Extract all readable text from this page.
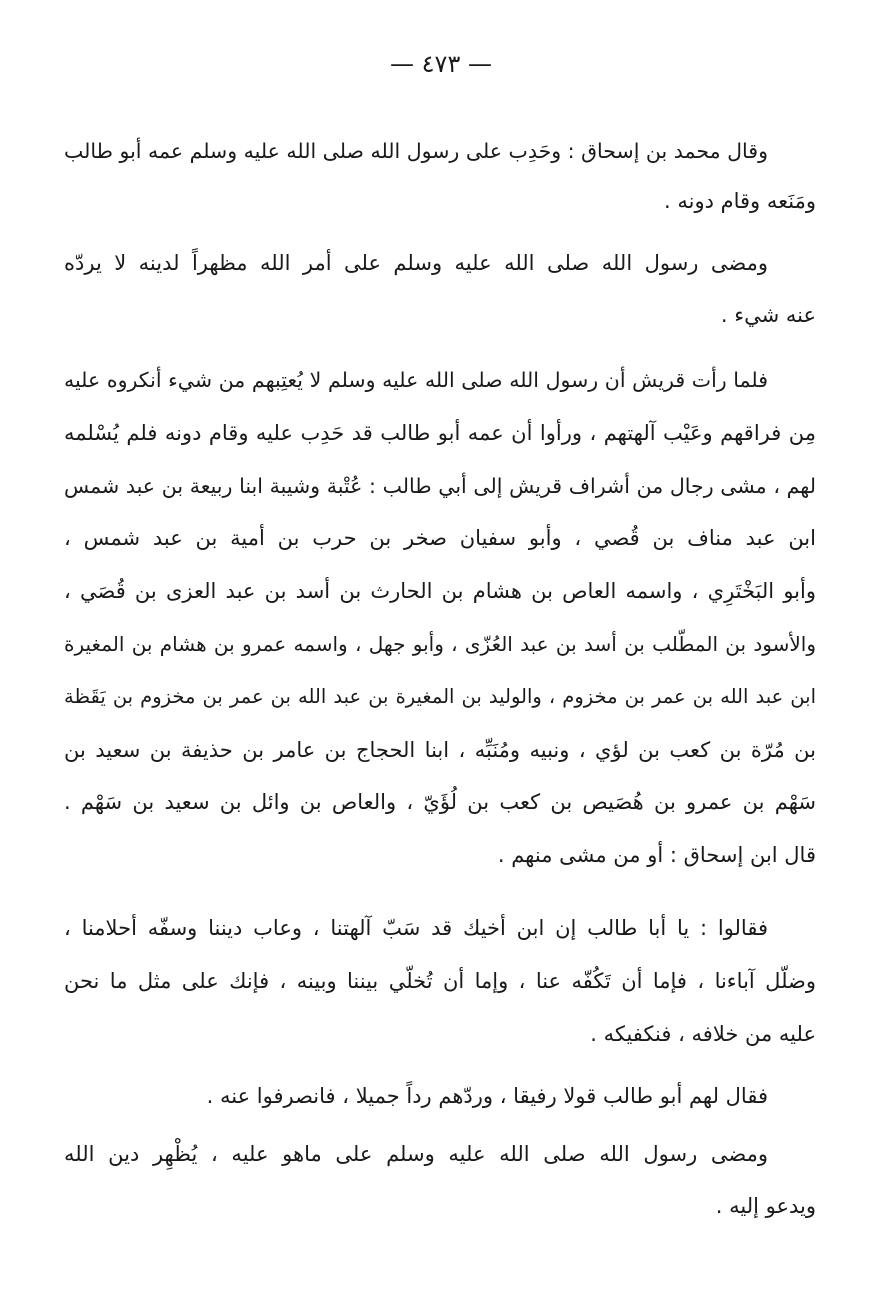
— ٤٧٣ —
وقال محمد بن إسحاق : وحَدِب على رسول الله صلى الله عليه وسلم عمه أبو طالب
ومَنَعه وقام دونه .
ومضى رسول الله صلى الله عليه وسلم على أمر الله مظهراً لدينه لا يردّه
عنه شيء .
فلما رأت قريش أن رسول الله صلى الله عليه وسلم لا يُعتِبهم من شيء أنكروه عليه
مِن فراقهم وعَيْب آلهتهم ، ورأوا أن عمه أبو طالب قد حَدِب عليه وقام دونه فلم يُسْلمه
لهم ، مشى رجال من أشراف قريش إلى أبي طالب : عُتْبة وشيبة ابنا ربيعة بن عبد شمس
ابن عبد مناف بن قُصي ، وأبو سفيان صخر بن حرب بن أمية بن عبد شمس ،
وأبو البَخْتَرِي ، واسمه العاص بن هشام بن الحارث بن أسد بن عبد العزى بن قُصَي ،
والأسود بن المطّلب بن أسد بن عبد العُزّى ، وأبو جهل ، واسمه عمرو بن هشام بن المغيرة
ابن عبد الله بن عمر بن مخزوم ، والوليد بن المغيرة بن عبد الله بن عمر بن مخزوم بن يَقَظة
بن مُرّة بن كعب بن لؤي ، ونبيه ومُنَبِّه ، ابنا الحجاج بن عامر بن حذيفة بن سعيد بن
سَهْم بن عمرو بن هُصَيص بن كعب بن لُؤَيّ ، والعاص بن وائل بن سعيد بن سَهْم .
قال ابن إسحاق : أو من مشى منهم .
فقالوا : يا أبا طالب إن ابن أخيك قد سَبّ آلهتنا ، وعاب ديننا وسفّه أحلامنا ،
وضلّل آباءنا ، فإما أن تَكُفّه عنا ، وإما أن تُخلّي بيننا وبينه ، فإنك على مثل ما نحن
عليه من خلافه ، فنكفيكه .
فقال لهم أبو طالب قولا رفيقا ، وردّهم رداً جميلا ، فانصرفوا عنه .
ومضى رسول الله صلى الله عليه وسلم على ماهو عليه ، يُظْهِر دين الله
ويدعو إليه .
